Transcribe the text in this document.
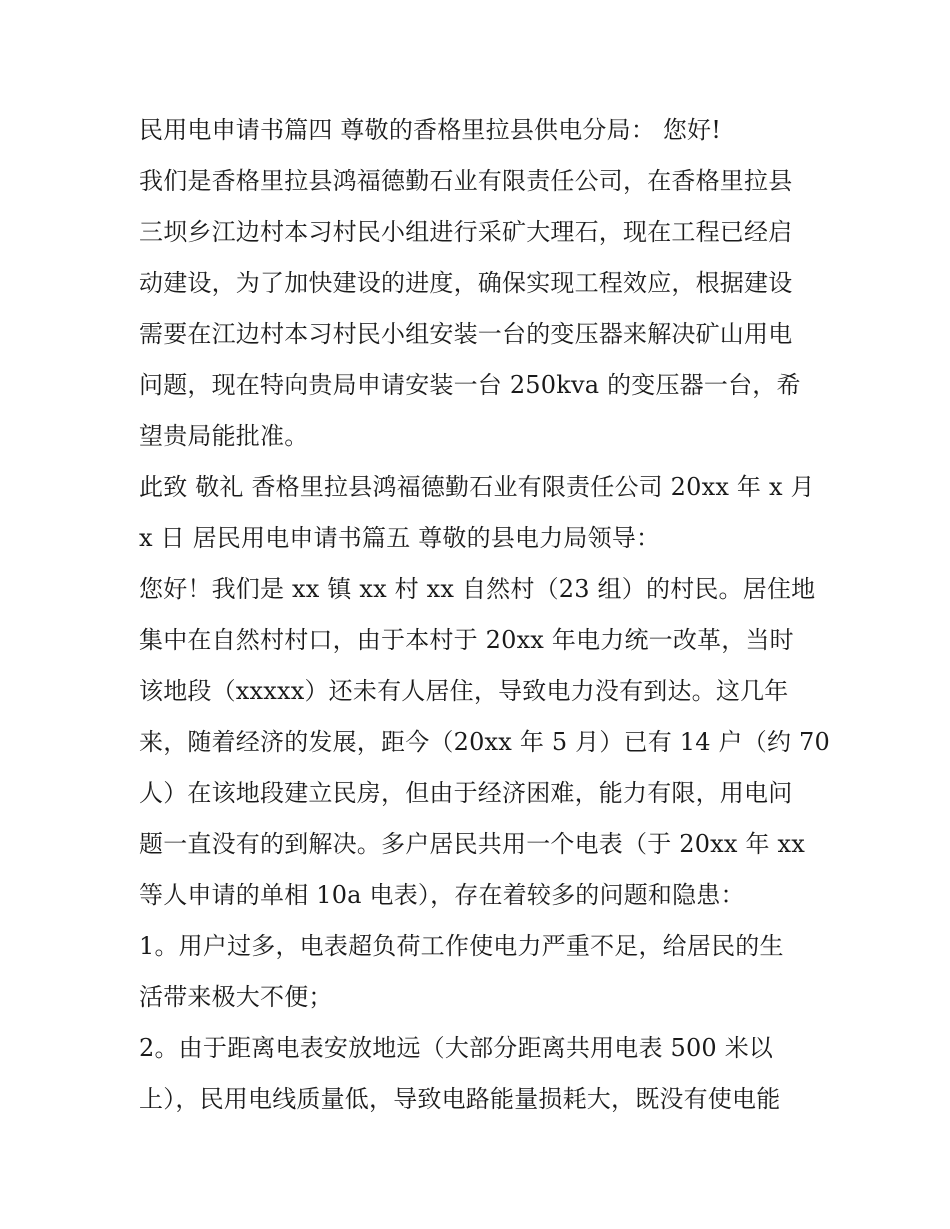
民用电申请书篇四 尊敬的香格里拉县供电分局： 您好!
我们是香格里拉县鸿福德勤石业有限责任公司，在香格里拉县
三坝乡江边村本习村民小组进行采矿大理石，现在工程已经启
动建设，为了加快建设的进度，确保实现工程效应，根据建设
需要在江边村本习村民小组安装一台的变压器来解决矿山用电
问题，现在特向贵局申请安装一台 250kva 的变压器一台，希
望贵局能批准。
此致 敬礼 香格里拉县鸿福德勤石业有限责任公司 20xx 年 x 月
x 日 居民用电申请书篇五 尊敬的县电力局领导：
您好！我们是 xx 镇 xx 村 xx 自然村（23 组）的村民。居住地
集中在自然村村口，由于本村于 20xx 年电力统一改革，当时
该地段（xxxxx）还未有人居住，导致电力没有到达。这几年
来，随着经济的发展，距今（20xx 年 5 月）已有 14 户（约 70
人）在该地段建立民房，但由于经济困难，能力有限，用电问
题一直没有的到解决。多户居民共用一个电表（于 20xx 年 xx
等人申请的单相 10a 电表），存在着较多的问题和隐患：
1。用户过多，电表超负荷工作使电力严重不足，给居民的生
活带来极大不便；
2。由于距离电表安放地远（大部分距离共用电表 500 米以
上），民用电线质量低，导致电路能量损耗大，既没有使电能
